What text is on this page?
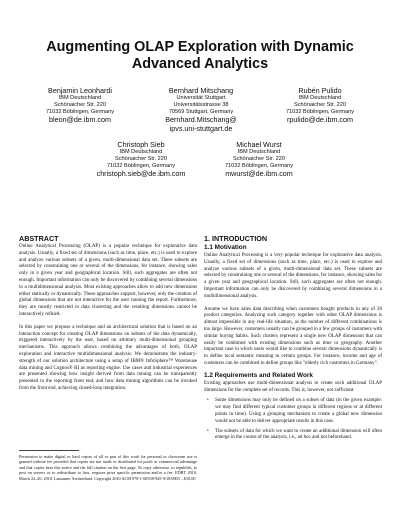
Augmenting OLAP Exploration with Dynamic Advanced Analytics
Benjamin Leonhardi
IBM Deutschland
Schönaicher Str. 220
71032 Böblingen, Germany
bleon@de.ibm.com
Bernhard Mitschang
Universität Stuttgart
Universitätsstrasse 38
70569 Stuttgart, Germany
Bernhard.Mitschang@
ipvs.uni-stuttgart.de
Rubén Pulido
IBM Deutschland
Schönaicher Str. 220
71032 Böblingen, Germany
rpulido@de.ibm.com
Christoph Sieb
IBM Deutschland
Schönaicher Str. 220
71032 Böblingen, Germany
christoph.sieb@de.ibm.com
Michael Wurst
IBM Deutschland
Schönaicher Str. 220
71032 Böblingen, Germany
mwurst@de.ibm.com
ABSTRACT

Online Analytical Processing (OLAP) is a popular technique for explorative data analysis. Usually, a fixed set of dimensions (such as time, place, etc.) is used to explore and analyze various subsets of a given, multi-dimensional data set. These subsets are selected by constraining one or several of the dimensions, for instance, showing sales only in a given year and geographical location. Still, such aggregates are often not enough. Important information can only be discovered by combining several dimensions in a multidimensional analysis. Most existing approaches allow to add new dimensions either statically or dynamically. These approaches support, however, only the creation of global dimensions that are not interactive for the user running the report. Furthermore, they are mostly restricted to data clustering and the resulting dimensions cannot be interactively refined.

In this paper we propose a technique and an architectural solution that is based on an interaction concept for creating OLAP dimensions on subsets of the data dynamically, triggered interactively by the user, based on arbitrary multi-dimensional grouping mechanisms. This approach allows combining the advantages of both, OLAP exploration and interactive multidimensional analysis. We demonstrate the industry-strength of our solution architecture using a setup of IBM® InfoSphere™ Warehouse data mining and Cognos® BI as reporting engine. Use cases and industrial experiences are presented showing how insight derived from data mining can be transparently presented in the reporting front end, and how data mining algorithms can be invoked from the front end, achieving closed-loop integration.

Permission to make digital or hard copies of all or part of this work for personal or classroom use is granted without fee provided that copies are not made or distributed for profit or commercial advantage and that copies bear this notice and the full citation on the first page. To copy otherwise, to republish, to post on servers or to redistribute to lists, requires prior specific permission and/or a fee. EDBT 2010, March 22–26, 2010, Lausanne, Switzerland. Copyright 2010 ACM 978-1-60558-945-9/10/0003 ...$10.00
1. INTRODUCTION
1.1 Motivation

Online Analytical Processing is a very popular technique for explorative data analysis. Usually, a fixed set of dimensions (such as time, place, etc.) is used to explore and analyze various subsets of a given, multi-dimensional data set. These subsets are selected by constraining one or several of the dimensions, for instance, showing sales for a given year and geographical location. Still, such aggregates are often not enough. Important information can only be discovered by combining several dimensions in a multidimensional analysis.

Assume we have sales data describing when customers bought products in any of 26 product categories. Analyzing such category together with other OLAP dimensions is almost impossible in any real-life situation, as the number of different combinations is too large. However, customers usually can be grouped in a few groups of customers with similar buying habits. Such clusters represent a single new OLAP dimension that can easily be combined with existing dimensions such as time or geography. Another important case in which users would like to combine several dimensions dynamically is to define local semantic meaning to certain groups. For instance, income and age of customers can be combined to define groups like "elderly rich customers in Germany".

1.2 Requirements and Related Work

Existing approaches use multi-dimensional analysis to create such additional OLAP dimensions for the complete set of records. This is, however, not sufficient.

• Some dimensions may only be defined on a subset of data (in the given example: we may find different typical customer groups in different regions or at different points in time). Using a grouping mechanism to create a global new dimension would not be able to deliver appropriate results in this case.
• The subsets of data for which we want to create an additional dimension will often emerge in the course of the analysis, i.e., ad hoc and not beforehand.
